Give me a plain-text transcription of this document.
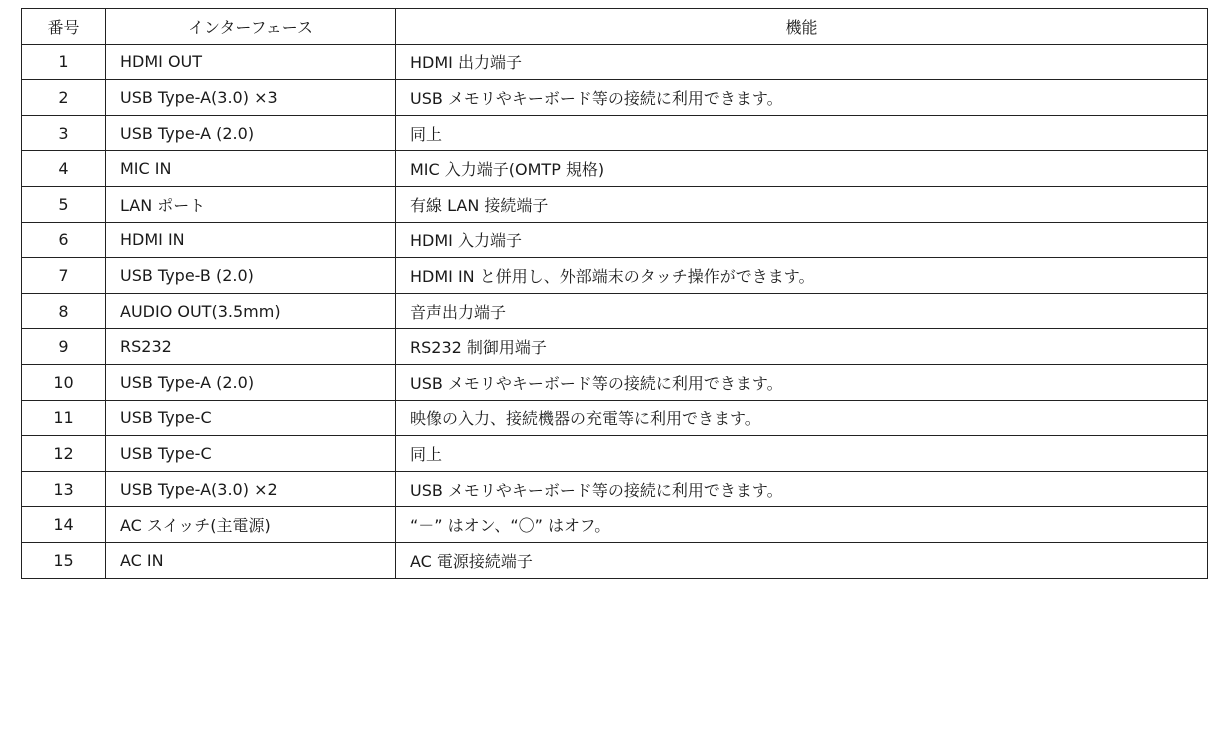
番号	インターフェース	機能
1	HDMI OUT	HDMI 出力端子
2	USB Type-A(3.0) ×3	USB メモリやキーボード等の接続に利用できます。
3	USB Type-A (2.0)	同上
4	MIC IN	MIC 入力端子(OMTP 規格)
5	LAN ポート	有線 LAN 接続端子
6	HDMI IN	HDMI 入力端子
7	USB Type-B (2.0)	HDMI IN と併用し、外部端末のタッチ操作ができます。
8	AUDIO OUT(3.5mm)	音声出力端子
9	RS232	RS232 制御用端子
10	USB Type-A (2.0)	USB メモリやキーボード等の接続に利用できます。
11	USB Type-C	映像の入力、接続機器の充電等に利用できます。
12	USB Type-C	同上
13	USB Type-A(3.0) ×2	USB メモリやキーボード等の接続に利用できます。
14	AC スイッチ(主電源)	“－” はオン、“〇” はオフ。
15	AC IN	AC 電源接続端子
